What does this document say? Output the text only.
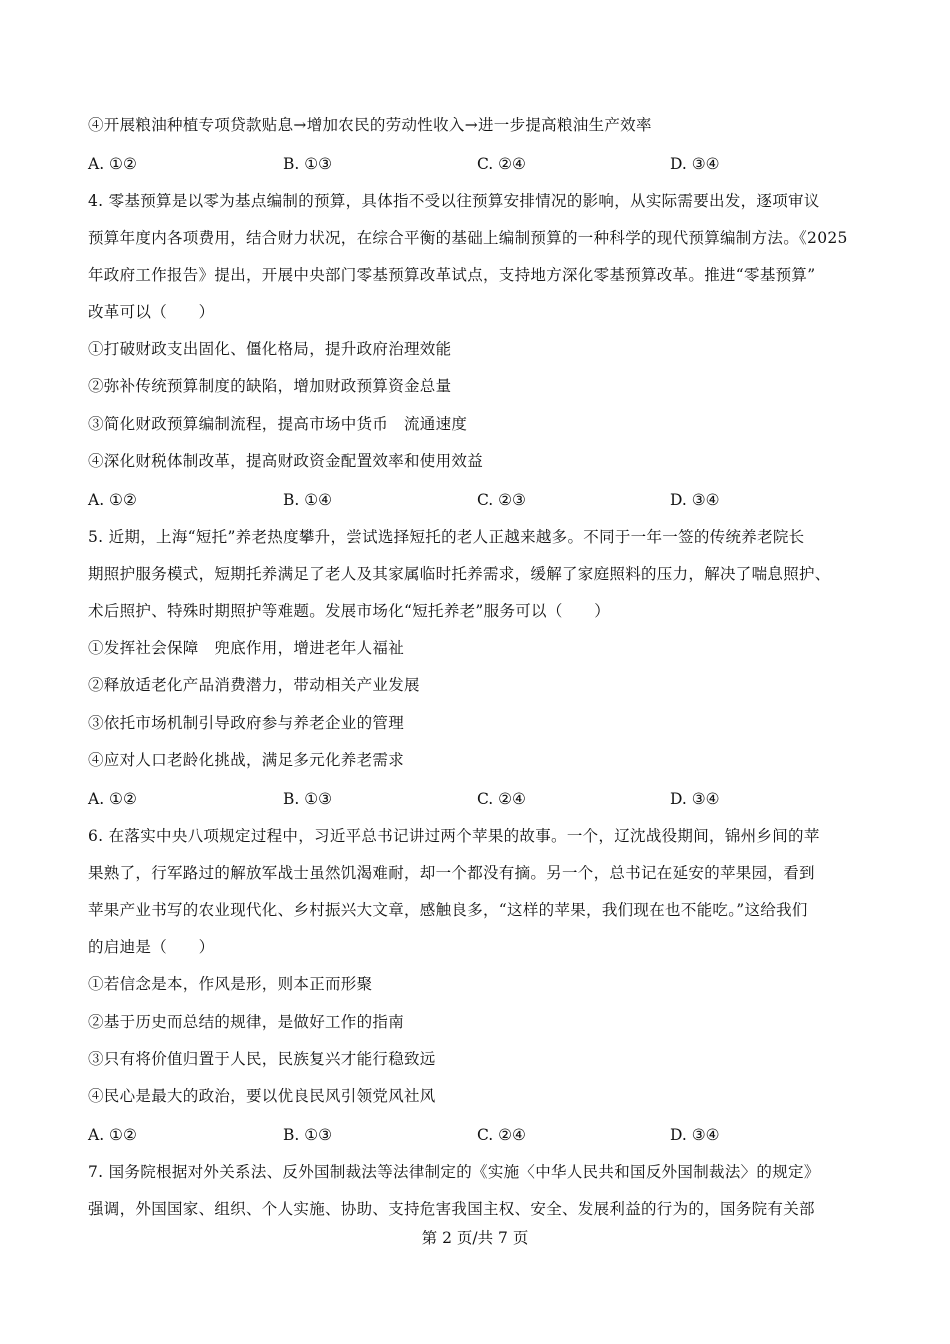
④开展粮油种植专项贷款贴息→增加农民的劳动性收入→进一步提高粮油生产效率
A. ①②	B. ①③	C. ②④	D. ③④
4. 零基预算是以零为基点编制的预算，具体指不受以往预算安排情况的影响，从实际需要出发，逐项审议
预算年度内各项费用，结合财力状况，在综合平衡的基础上编制预算的一种科学的现代预算编制方法。《2025
年政府工作报告》提出，开展中央部门零基预算改革试点，支持地方深化零基预算改革。推进“零基预算”
改革可以（　　）
①打破财政支出固化、僵化格局，提升政府治理效能
②弥补传统预算制度的缺陷，增加财政预算资金总量
③简化财政预算编制流程，提高市场中货币　流通速度
④深化财税体制改革，提高财政资金配置效率和使用效益
A. ①②	B. ①④	C. ②③	D. ③④
5. 近期，上海“短托”养老热度攀升，尝试选择短托的老人正越来越多。不同于一年一签的传统养老院长
期照护服务模式，短期托养满足了老人及其家属临时托养需求，缓解了家庭照料的压力，解决了喘息照护、
术后照护、特殊时期照护等难题。发展市场化“短托养老”服务可以（　　）
①发挥社会保障　兜底作用，增进老年人福祉
②释放适老化产品消费潜力，带动相关产业发展
③依托市场机制引导政府参与养老企业的管理
④应对人口老龄化挑战，满足多元化养老需求
A. ①②	B. ①③	C. ②④	D. ③④
6. 在落实中央八项规定过程中，习近平总书记讲过两个苹果的故事。一个，辽沈战役期间，锦州乡间的苹
果熟了，行军路过的解放军战士虽然饥渴难耐，却一个都没有摘。另一个，总书记在延安的苹果园，看到
苹果产业书写的农业现代化、乡村振兴大文章，感触良多，“这样的苹果，我们现在也不能吃。”这给我们
的启迪是（　　）
①若信念是本，作风是形，则本正而形聚
②基于历史而总结的规律，是做好工作的指南
③只有将价值归置于人民，民族复兴才能行稳致远
④民心是最大的政治，要以优良民风引领党风社风
A. ①②	B. ①③	C. ②④	D. ③④
7. 国务院根据对外关系法、反外国制裁法等法律制定的《实施〈中华人民共和国反外国制裁法〉的规定》
强调，外国国家、组织、个人实施、协助、支持危害我国主权、安全、发展利益的行为的，国务院有关部
第 2 页/共 7 页
